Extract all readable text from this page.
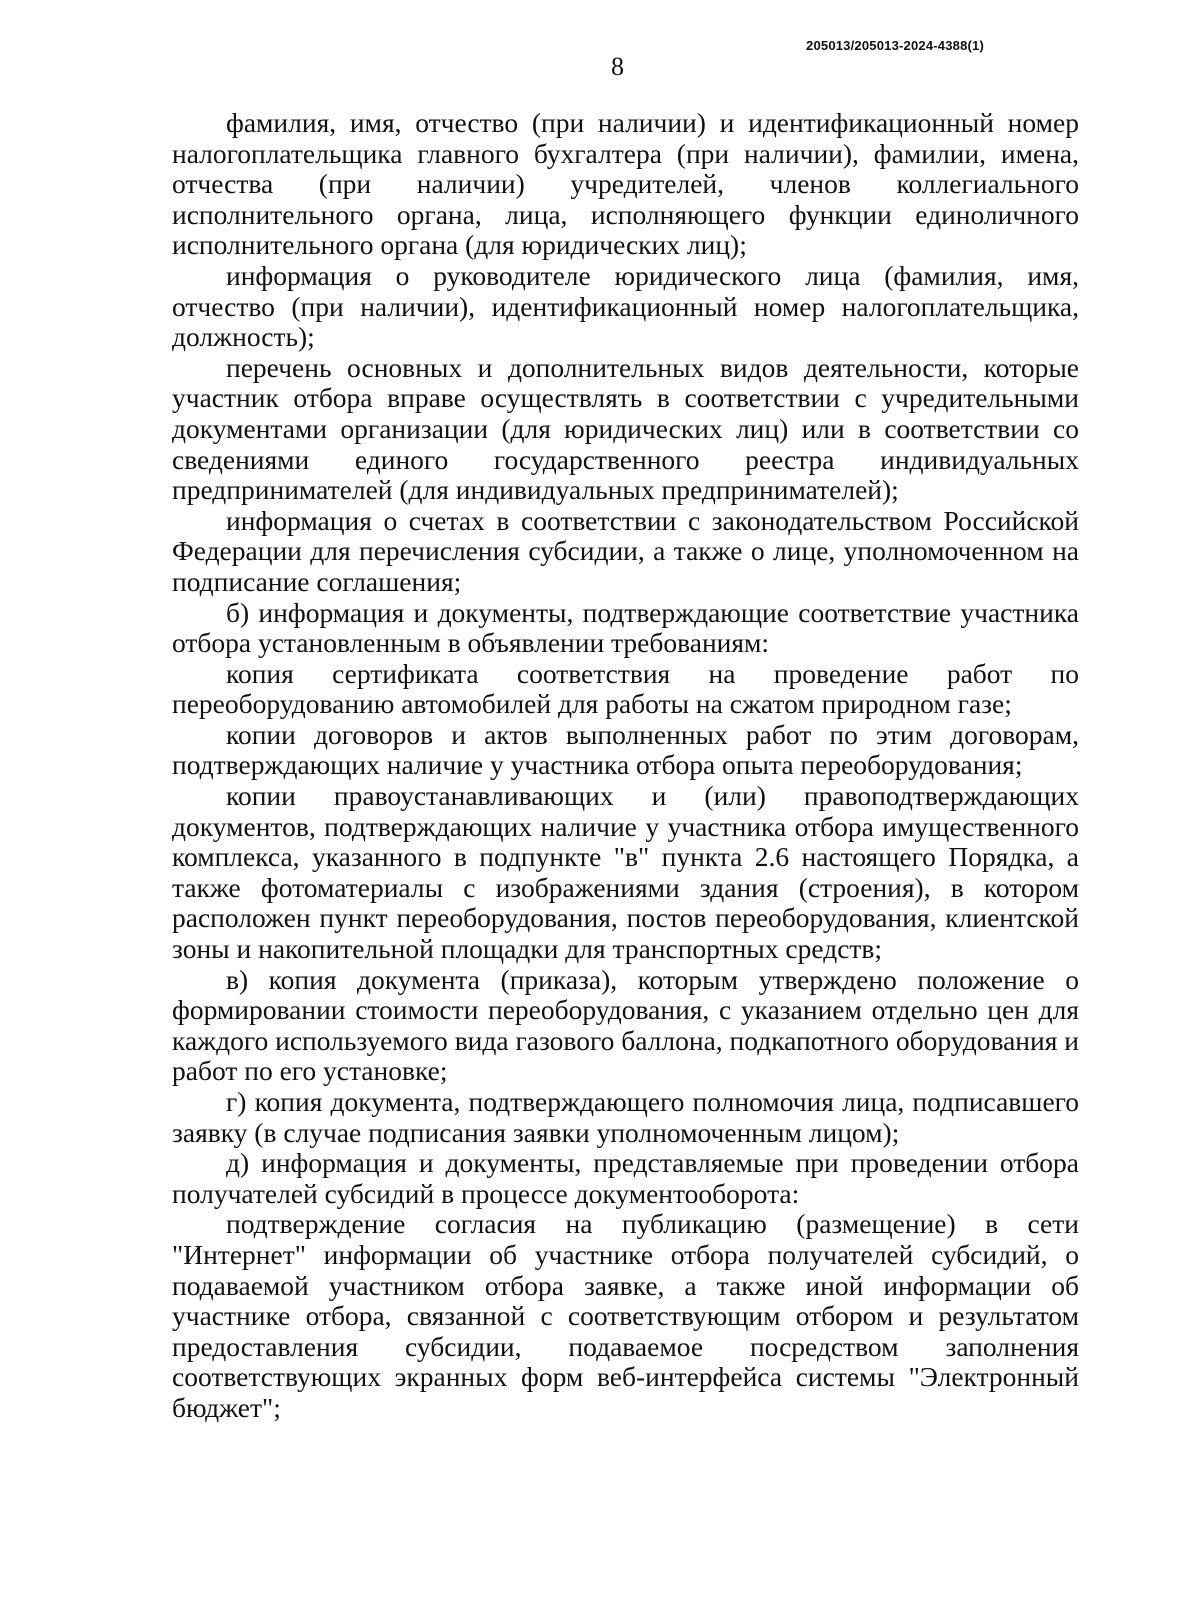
205013/205013-2024-4388(1)
8

фамилия, имя, отчество (при наличии) и идентификационный номер налогоплательщика главного бухгалтера (при наличии), фамилии, имена, отчества (при наличии) учредителей, членов коллегиального исполнительного органа, лица, исполняющего функции единоличного исполнительного органа (для юридических лиц);

информация о руководителе юридического лица (фамилия, имя, отчество (при наличии), идентификационный номер налогоплательщика, должность);

перечень основных и дополнительных видов деятельности, которые участник отбора вправе осуществлять в соответствии с учредительными документами организации (для юридических лиц) или в соответствии со сведениями единого государственного реестра индивидуальных предпринимателей (для индивидуальных предпринимателей);

информация о счетах в соответствии с законодательством Российской Федерации для перечисления субсидии, а также о лице, уполномоченном на подписание соглашения;

б) информация и документы, подтверждающие соответствие участника отбора установленным в объявлении требованиям:

копия сертификата соответствия на проведение работ по переоборудованию автомобилей для работы на сжатом природном газе;

копии договоров и актов выполненных работ по этим договорам, подтверждающих наличие у участника отбора опыта переоборудования;

копии правоустанавливающих и (или) правоподтверждающих документов, подтверждающих наличие у участника отбора имущественного комплекса, указанного в подпункте "в" пункта 2.6 настоящего Порядка, а также фотоматериалы с изображениями здания (строения), в котором расположен пункт переоборудования, постов переоборудования, клиентской зоны и накопительной площадки для транспортных средств;

в) копия документа (приказа), которым утверждено положение о формировании стоимости переоборудования, с указанием отдельно цен для каждого используемого вида газового баллона, подкапотного оборудования и работ по его установке;

г) копия документа, подтверждающего полномочия лица, подписавшего заявку (в случае подписания заявки уполномоченным лицом);

д) информация и документы, представляемые при проведении отбора получателей субсидий в процессе документооборота:

подтверждение согласия на публикацию (размещение) в сети "Интернет" информации об участнике отбора получателей субсидий, о подаваемой участником отбора заявке, а также иной информации об участнике отбора, связанной с соответствующим отбором и результатом предоставления субсидии, подаваемое посредством заполнения соответствующих экранных форм веб-интерфейса системы "Электронный бюджет";
